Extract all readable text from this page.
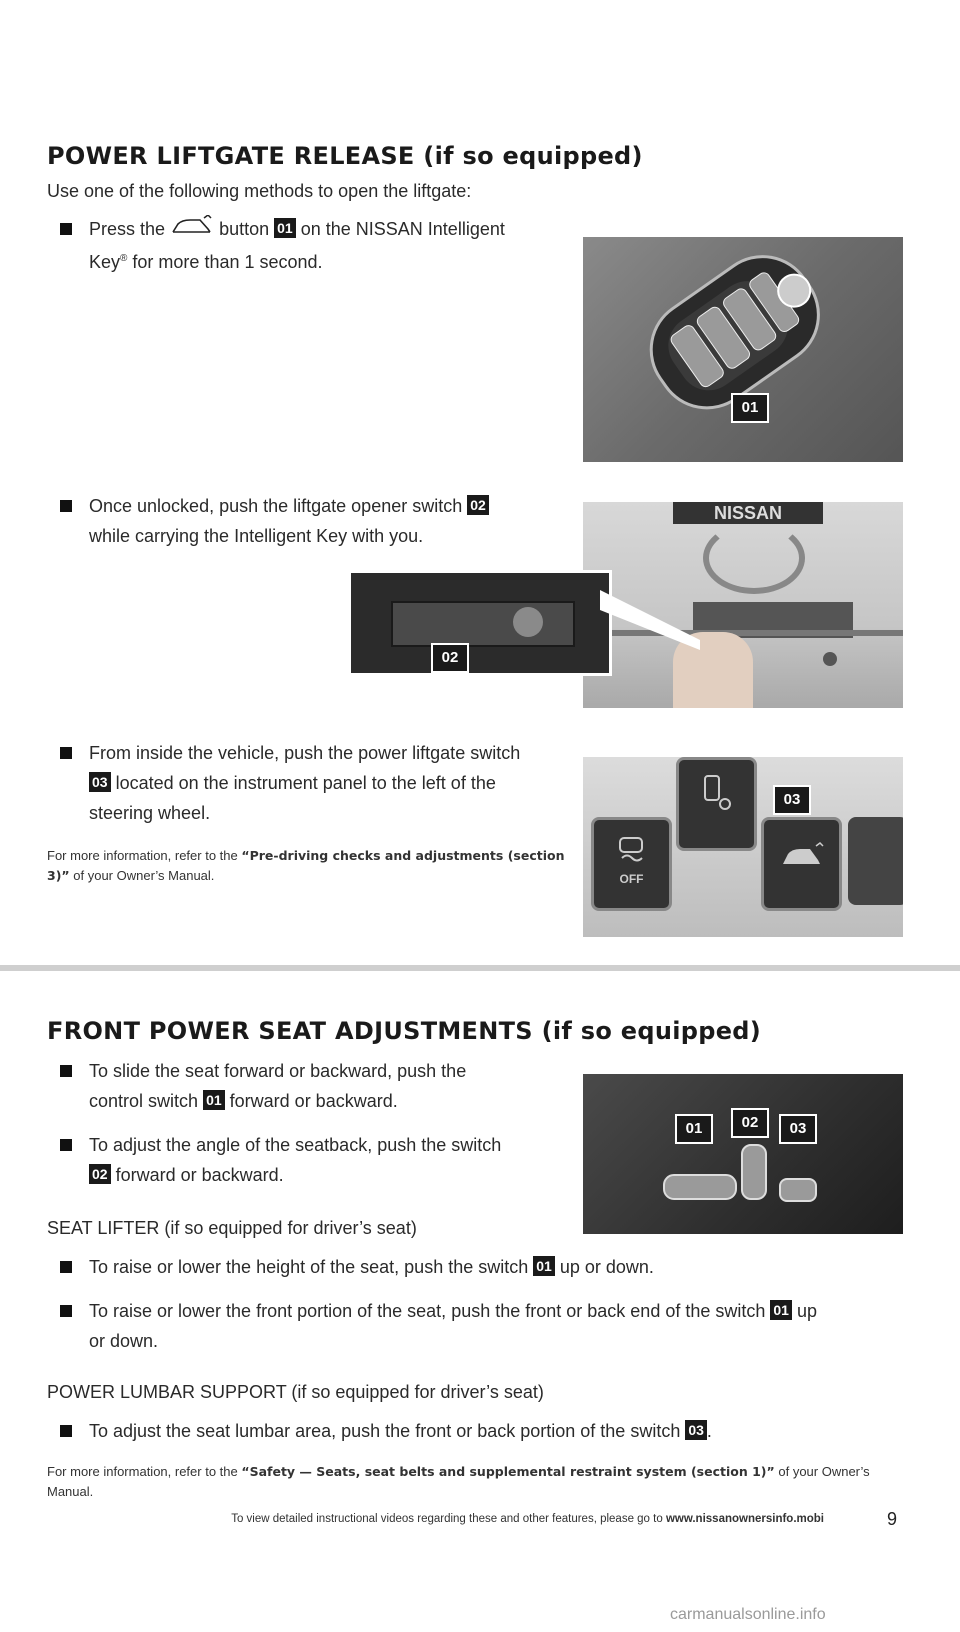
POWER LIFTGATE RELEASE (if so equipped)
Use one of the following methods to open the liftgate:
Press the	button 01 on the NISSAN Intelligent
Key® for more than 1 second.
01
Once unlocked, push the liftgate opener switch 02
while carrying the Intelligent Key with you.
NISSAN
02
From inside the vehicle, push the power liftgate switch
03 located on the instrument panel to the left of the
steering wheel.
For more information, refer to the “Pre-driving checks and adjustments (section 3)” of your Owner’s Manual.	OFF
03
FRONT POWER SEAT ADJUSTMENTS (if so equipped)
To slide the seat forward or backward, push the
control switch 01 forward or backward.
To adjust the angle of the seatback, push the switch
02 forward or backward.
01	02	03
SEAT LIFTER (if so equipped for driver’s seat)
To raise or lower the height of the seat, push the switch 01 up or down.
To raise or lower the front portion of the seat, push the front or back end of the switch 01 up
or down.
POWER LUMBAR SUPPORT (if so equipped for driver’s seat)
To adjust the seat lumbar area, push the front or back portion of the switch 03 .
For more information, refer to the “Safety — Seats, seat belts and supplemental restraint system (section 1)” of your Owner’s Manual.
To view detailed instructional videos regarding these and other features, please go to www.nissanownersinfo.mobi	9
carmanualsonline.info
